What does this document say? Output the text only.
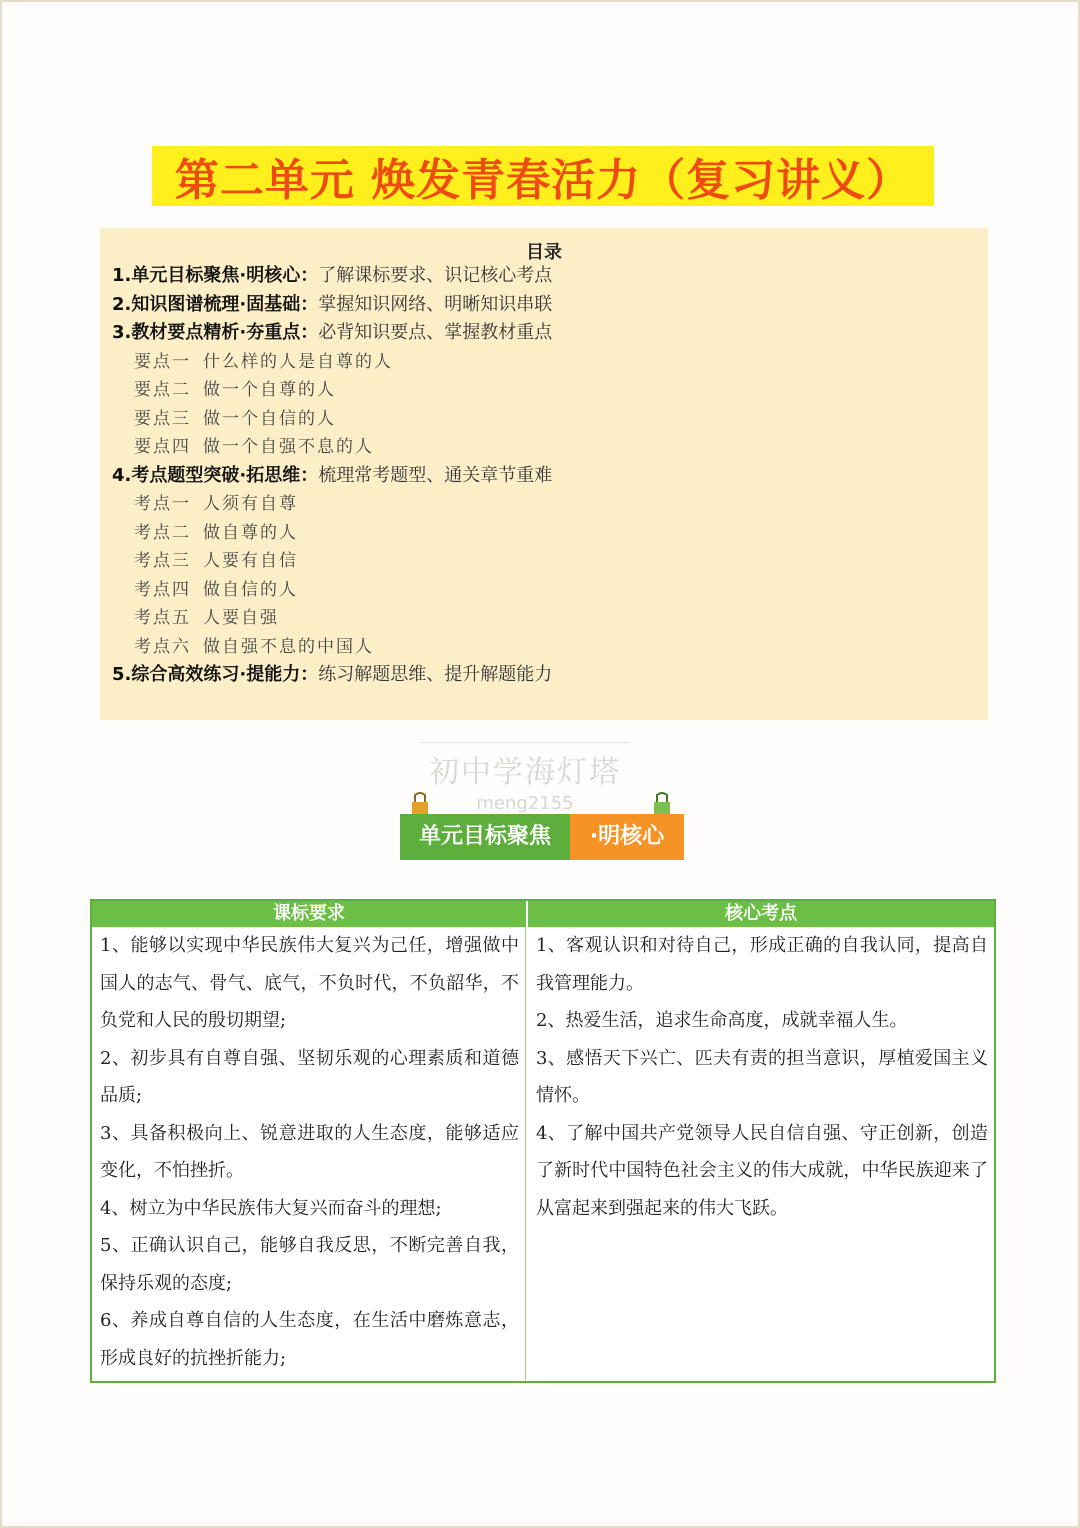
第二单元 焕发青春活力（复习讲义）
目录
1.单元目标聚焦·明核心：了解课标要求、识记核心考点
2.知识图谱梳理·固基础：掌握知识网络、明晰知识串联
3.教材要点精析·夯重点：必背知识要点、掌握教材重点
要点一 什么样的人是自尊的人
要点二 做一个自尊的人
要点三 做一个自信的人
要点四 做一个自强不息的人
4.考点题型突破·拓思维：梳理常考题型、通关章节重难
考点一 人须有自尊
考点二 做自尊的人
考点三 人要有自信
考点四 做自信的人
考点五 人要自强
考点六 做自强不息的中国人
5.综合高效练习·提能力：练习解题思维、提升解题能力
初中学海灯塔
meng2155
单元目标聚焦	·明核心
课标要求	核心考点

1、能够以实现中华民族伟大复兴为己任，增强做中国人的志气、骨气、底气，不负时代，不负韶华，不负党和人民的殷切期望;

2、初步具有自尊自强、坚韧乐观的心理素质和道德品质;

3、具备积极向上、锐意进取的人生态度，能够适应变化，不怕挫折。

4、树立为中华民族伟大复兴而奋斗的理想;

5、正确认识自己，能够自我反思，不断完善自我，保持乐观的态度;

6、养成自尊自信的人生态度，在生活中磨炼意志，形成良好的抗挫折能力;

1、客观认识和对待自己，形成正确的自我认同，提高自我管理能力。

2、热爱生活，追求生命高度，成就幸福人生。

3、感悟天下兴亡、匹夫有责的担当意识，厚植爱国主义情怀。

4、了解中国共产党领导人民自信自强、守正创新，创造了新时代中国特色社会主义的伟大成就，中华民族迎来了从富起来到强起来的伟大飞跃。
